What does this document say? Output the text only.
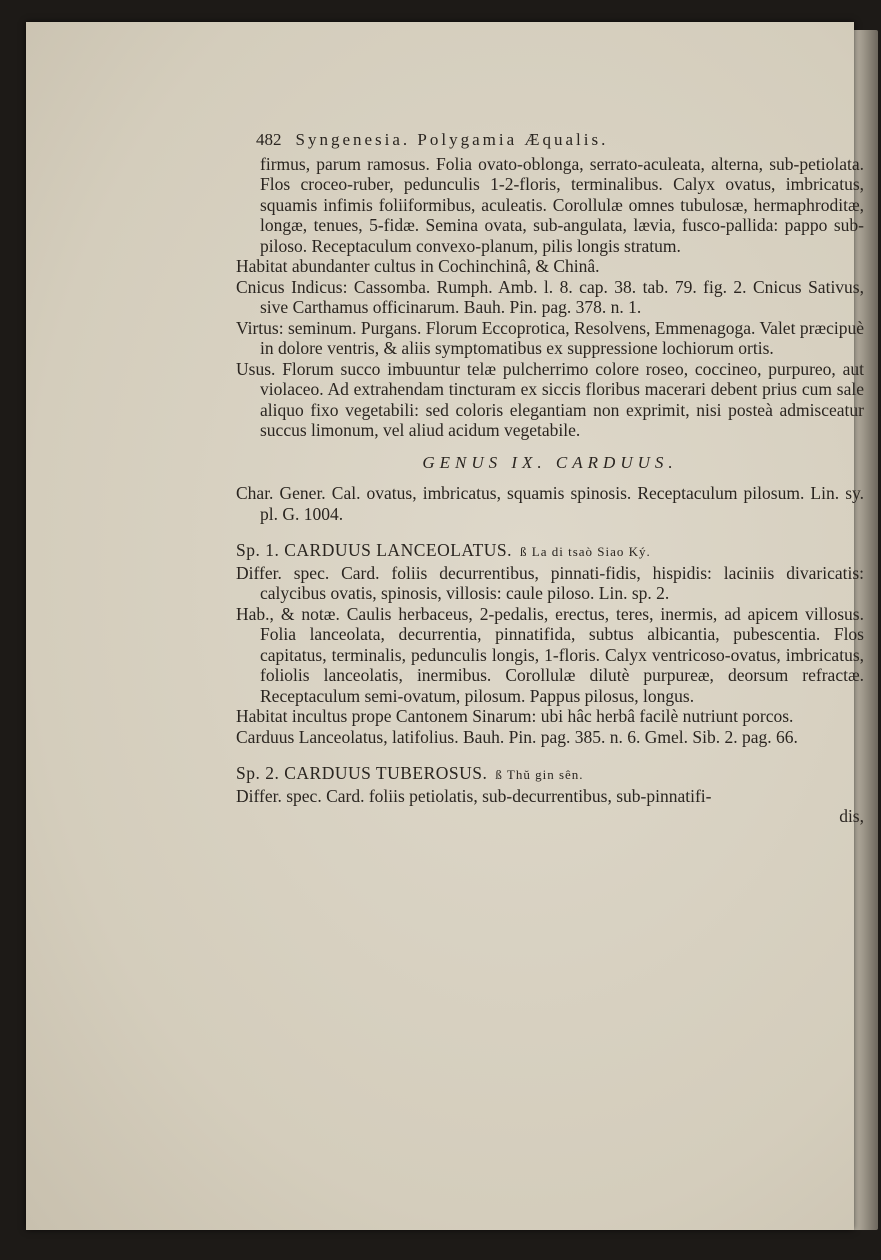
482 Syngenesia. Polygamia Æqualis.
firmus, parum ramosus. Folia ovato-oblonga, serrato-aculeata, alterna, sub-petiolata. Flos croceo-ruber, pedunculis 1-2-floris, terminalibus. Calyx ovatus, imbricatus, squamis infimis foliiformibus, aculeatis. Corollulæ omnes tubulosæ, hermaphroditæ, longæ, tenues, 5-fidæ. Semina ovata, sub-angulata, lævia, fusco-pallida: pappo sub-piloso. Receptaculum convexo-planum, pilis longis stratum.
Habitat abundanter cultus in Cochinchinâ, & Chinâ.
Cnicus Indicus: Cassomba. Rumph. Amb. l. 8. cap. 38. tab. 79. fig. 2. Cnicus Sativus, sive Carthamus officinarum. Bauh. Pin. pag. 378. n. 1.
Virtus: seminum. Purgans. Florum Eccoprotica, Resolvens, Emmenagoga. Valet præcipuè in dolore ventris, & aliis symptomatibus ex suppressione lochiorum ortis.
Usus. Florum succo imbuuntur telæ pulcherrimo colore roseo, coccineo, purpureo, aut violaceo. Ad extrahendam tincturam ex siccis floribus macerari debent prius cum sale aliquo fixo vegetabili: sed coloris elegantiam non exprimit, nisi posteà admisceatur succus limonum, vel aliud acidum vegetabile.
GENUS IX. CARDUUS.
Char. Gener. Cal. ovatus, imbricatus, squamis spinosis. Receptaculum pilosum. Lin. sy. pl. G. 1004.
Sp. 1. CARDUUS LANCEOLATUS. ß La di tsaò Siao Ký.
Differ. spec. Card. foliis decurrentibus, pinnati-fidis, hispidis: laciniis divaricatis: calycibus ovatis, spinosis, villosis: caule piloso. Lin. sp. 2.
Hab., & notæ. Caulis herbaceus, 2-pedalis, erectus, teres, inermis, ad apicem villosus. Folia lanceolata, decurrentia, pinnatifida, subtus albicantia, pubescentia. Flos capitatus, terminalis, pedunculis longis, 1-floris. Calyx ventricoso-ovatus, imbricatus, foliolis lanceolatis, inermibus. Corollulæ dilutè purpureæ, deorsum refractæ. Receptaculum semi-ovatum, pilosum. Pappus pilosus, longus.
Habitat incultus prope Cantonem Sinarum: ubi hâc herbâ facilè nutriunt porcos.
Carduus Lanceolatus, latifolius. Bauh. Pin. pag. 385. n. 6. Gmel. Sib. 2. pag. 66.
Sp. 2. CARDUUS TUBEROSUS. ß Thŭ gin sên.
Differ. spec. Card. foliis petiolatis, sub-decurrentibus, sub-pinnatifi-
dis,
